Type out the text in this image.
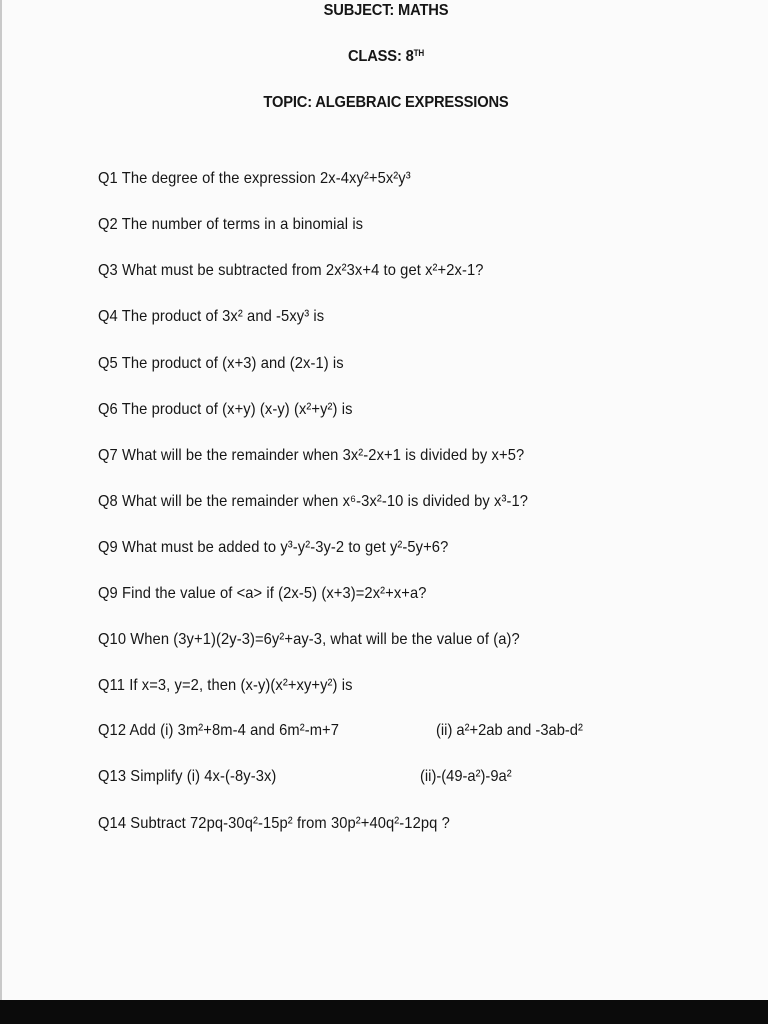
SUBJECT: MATHS
CLASS: 8TH
TOPIC: ALGEBRAIC EXPRESSIONS
Q1 The degree of the expression 2x-4xy²+5x²y³
Q2 The number of terms in a binomial is
Q3 What must be subtracted from 2x²3x+4 to get x²+2x-1?
Q4 The product of 3x² and -5xy³ is
Q5 The product of (x+3) and (2x-1) is
Q6 The product of (x+y) (x-y) (x²+y²) is
Q7 What will be the remainder when 3x²-2x+1 is divided by x+5?
Q8 What will be the remainder when x⁶-3x²-10 is divided by x³-1?
Q9 What must be added to y³-y²-3y-2 to get y²-5y+6?
Q9 Find the value of <a> if (2x-5) (x+3)=2x²+x+a?
Q10 When (3y+1)(2y-3)=6y²+ay-3, what will be the value of (a)?
Q11 If x=3, y=2, then (x-y)(x²+xy+y²) is
Q12 Add (i) 3m²+8m-4 and 6m²-m+7	(ii) a²+2ab and -3ab-d²
Q13 Simplify (i) 4x-(-8y-3x)	(ii)-(49-a²)-9a²
Q14 Subtract 72pq-30q²-15p² from 30p²+40q²-12pq ?
